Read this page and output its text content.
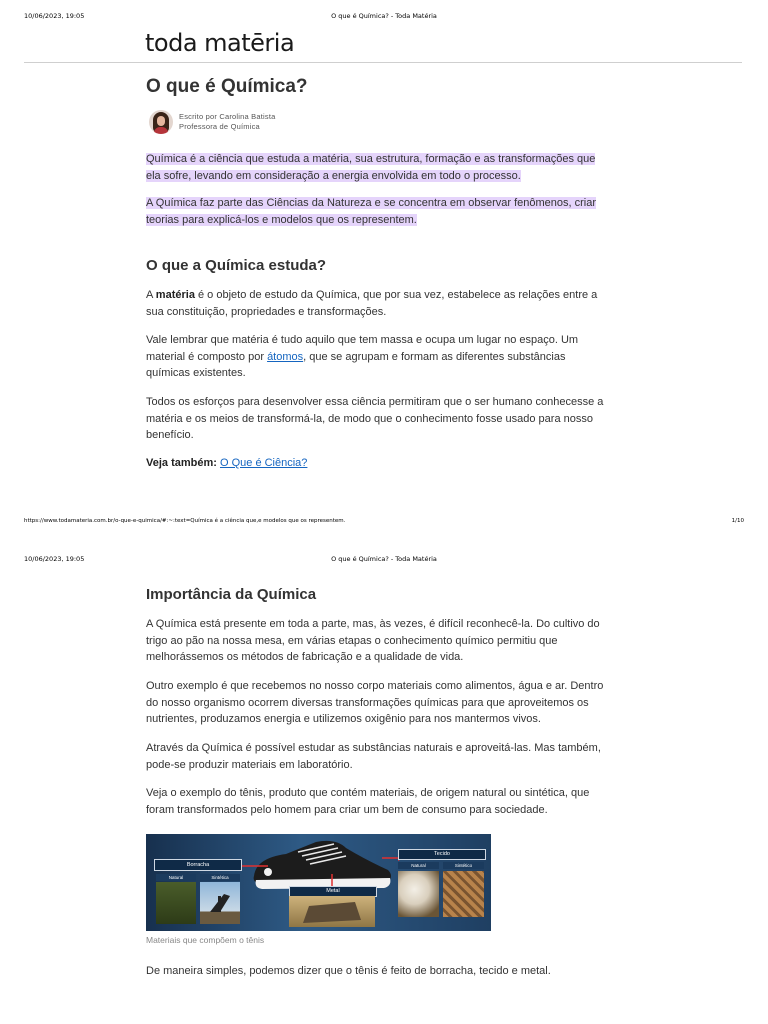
10/06/2023, 19:05	O que é Química? - Toda Matéria
toda matēria
O que é Química?
Escrito por Carolina Batista
Professora de Química

Química é a ciência que estuda a matéria, sua estrutura, formação e as transformações que ela sofre, levando em consideração a energia envolvida em todo o processo.

A Química faz parte das Ciências da Natureza e se concentra em observar fenômenos, criar teorias para explicá-los e modelos que os representem.

O que a Química estuda?

A matéria é o objeto de estudo da Química, que por sua vez, estabelece as relações entre a sua constituição, propriedades e transformações.

Vale lembrar que matéria é tudo aquilo que tem massa e ocupa um lugar no espaço. Um material é composto por átomos, que se agrupam e formam as diferentes substâncias químicas existentes.

Todos os esforços para desenvolver essa ciência permitiram que o ser humano conhecesse a matéria e os meios de transformá-la, de modo que o conhecimento fosse usado para nosso benefício.

Veja também: O Que é Ciência?

https://www.todamateria.com.br/o-que-e-quimica/#:~:text=Química é a ciência que,e modelos que os representem.	1/10
10/06/2023, 19:05	O que é Química? - Toda Matéria
Importância da Química

A Química está presente em toda a parte, mas, às vezes, é difícil reconhecê-la. Do cultivo do trigo ao pão na nossa mesa, em várias etapas o conhecimento químico permitiu que melhorássemos os métodos de fabricação e a qualidade de vida.

Outro exemplo é que recebemos no nosso corpo materiais como alimentos, água e ar. Dentro do nosso organismo ocorrem diversas transformações químicas para que aproveitemos os nutrientes, produzamos energia e utilizemos oxigênio para nos mantermos vivos.

Através da Química é possível estudar as substâncias naturais e aproveitá-las. Mas também, pode-se produzir materiais em laboratório.

Veja o exemplo do tênis, produto que contém materiais, de origem natural ou sintética, que foram transformados pelo homem para criar um bem de consumo para sociedade.

Borracha
Natural	Sintética
Metal
Tecido
Natural	Sintético
Materiais que compõem o tênis

De maneira simples, podemos dizer que o tênis é feito de borracha, tecido e metal.
